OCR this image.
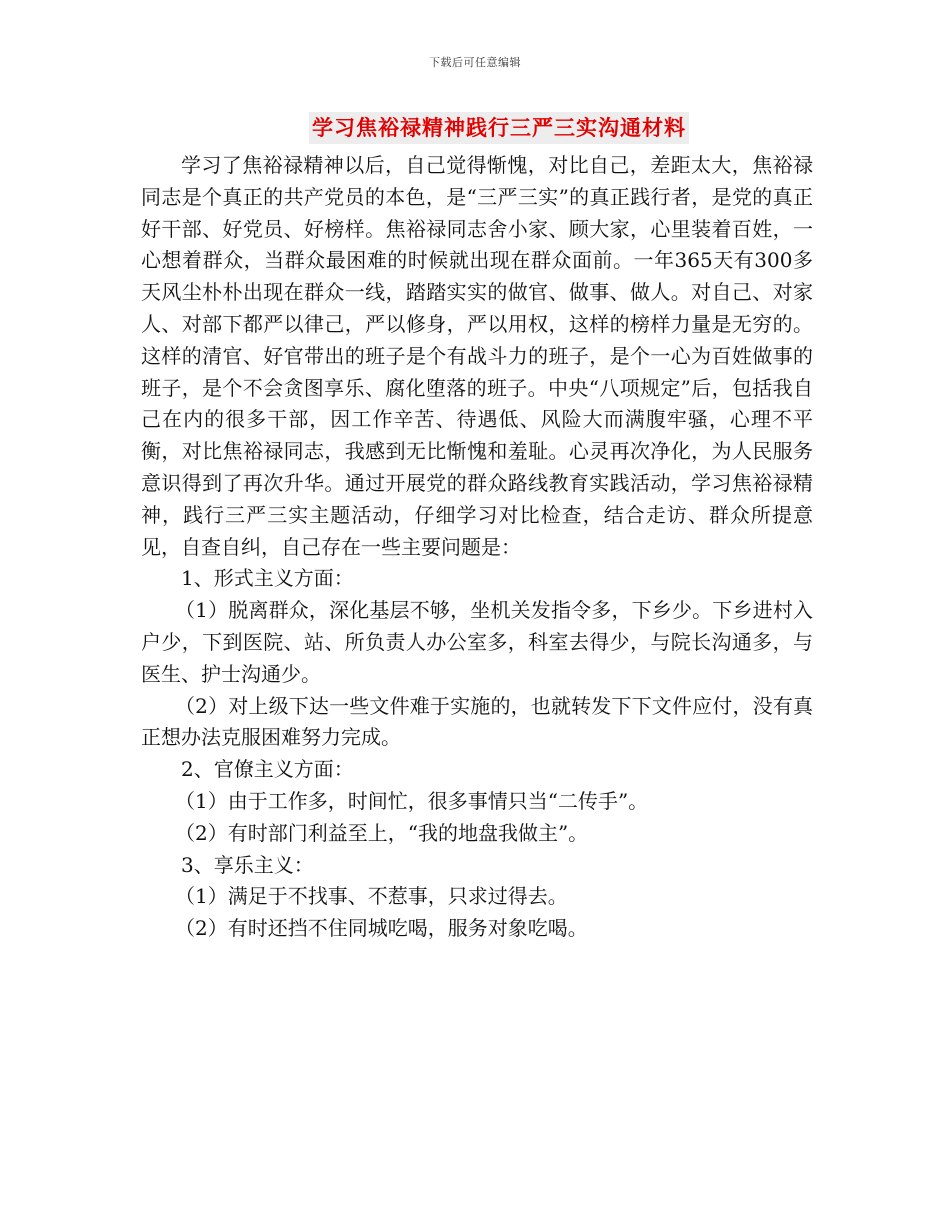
下载后可任意编辑
学习焦裕禄精神践行三严三实沟通材料

学习了焦裕禄精神以后，自己觉得惭愧，对比自己，差距太大，焦裕禄同志是个真正的共产党员的本色，是“三严三实”的真正践行者，是党的真正好干部、好党员、好榜样。焦裕禄同志舍小家、顾大家，心里装着百姓，一心想着群众，当群众最困难的时候就出现在群众面前。一年365天有300多天风尘朴朴出现在群众一线，踏踏实实的做官、做事、做人。对自己、对家人、对部下都严以律己，严以修身，严以用权，这样的榜样力量是无穷的。这样的清官、好官带出的班子是个有战斗力的班子，是个一心为百姓做事的班子，是个不会贪图享乐、腐化堕落的班子。中央“八项规定”后，包括我自己在内的很多干部，因工作辛苦、待遇低、风险大而满腹牢骚，心理不平衡，对比焦裕禄同志，我感到无比惭愧和羞耻。心灵再次净化，为人民服务意识得到了再次升华。通过开展党的群众路线教育实践活动，学习焦裕禄精神，践行三严三实主题活动，仔细学习对比检查，结合走访、群众所提意见，自查自纠，自己存在一些主要问题是：

1、形式主义方面：

（1）脱离群众，深化基层不够，坐机关发指令多，下乡少。下乡进村入户少，下到医院、站、所负责人办公室多，科室去得少，与院长沟通多，与医生、护士沟通少。

（2）对上级下达一些文件难于实施的，也就转发下下文件应付，没有真正想办法克服困难努力完成。

2、官僚主义方面：

（1）由于工作多，时间忙，很多事情只当“二传手”。

（2）有时部门利益至上，“我的地盘我做主”。

3、享乐主义：

（1）满足于不找事、不惹事，只求过得去。

（2）有时还挡不住同城吃喝，服务对象吃喝。
